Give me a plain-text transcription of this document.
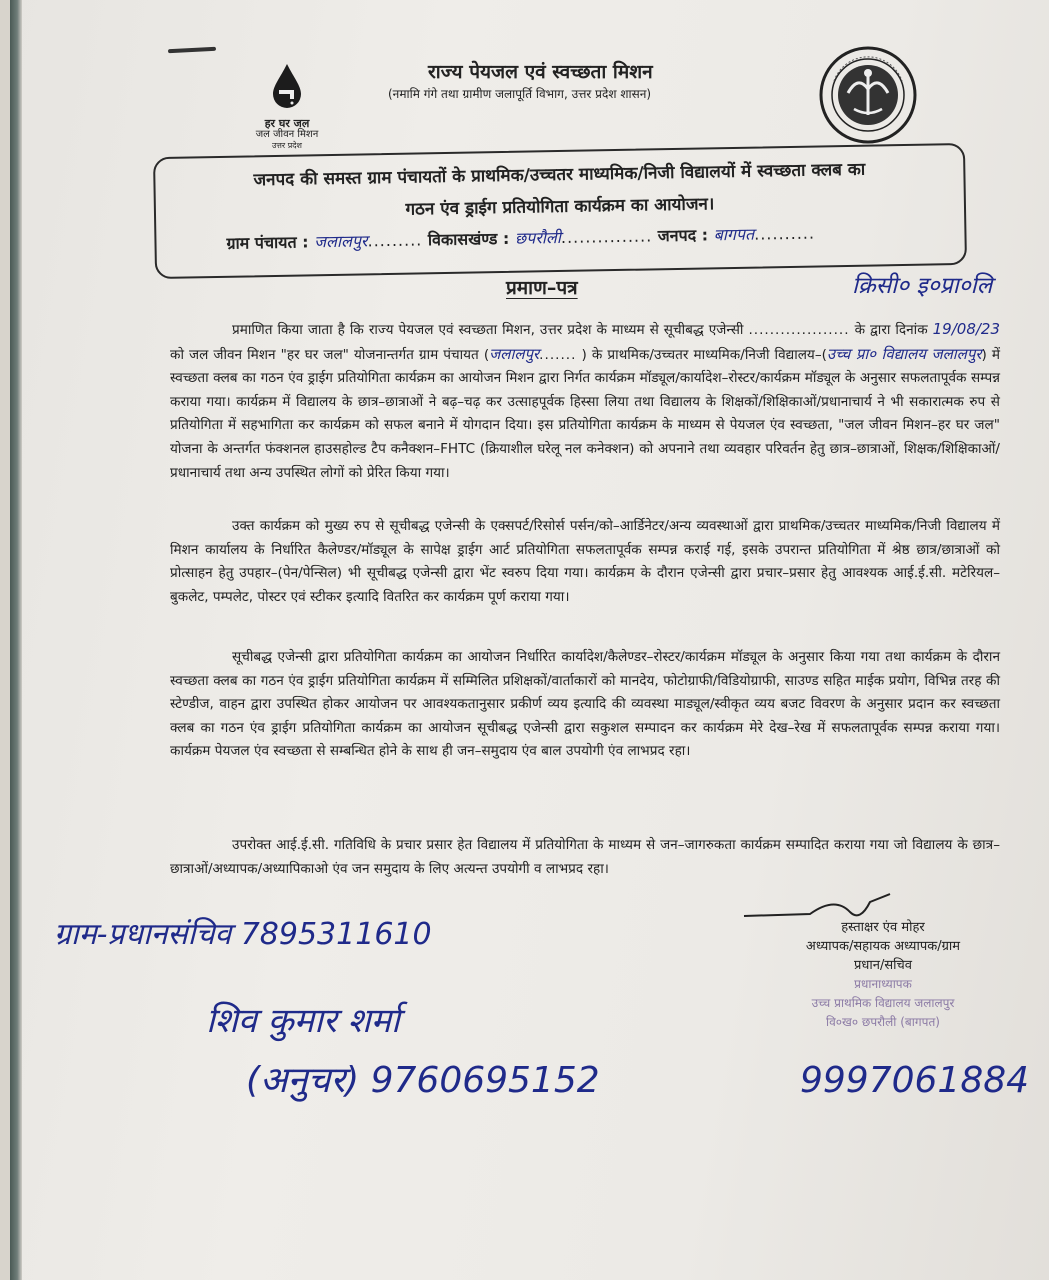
हर घर जल
जल जीवन मिशन
उत्तर प्रदेश
राज्य पेयजल एवं स्वच्छता मिशन
(नमामि गंगे तथा ग्रामीण जलापूर्ति विभाग, उत्तर प्रदेश शासन)
जनपद की समस्त ग्राम पंचायतों के प्राथमिक/उच्चतर माध्यमिक/निजी विद्यालयों में स्वच्छता क्लब का
गठन एंव ड्राईग प्रतियोगिता कार्यक्रम का आयोजन।
ग्राम पंचायत : जलालपुर......... विकासखंण्ड : छपरौली............... जनपद : बागपत..........
प्रमाण–पत्र	क्रिसी० इ०प्रा०लि
प्रमाणित किया जाता है कि राज्य पेयजल एवं स्वच्छता मिशन, उत्तर प्रदेश के माध्यम से सूचीबद्ध एजेन्सी ................... के द्वारा दिनांक 19/08/23 को जल जीवन मिशन "हर घर जल" योजनान्तर्गत ग्राम पंचायत (जलालपुर....... ) के प्राथमिक/उच्चतर माध्यमिक/निजी विद्यालय–(उच्च प्रा० विद्यालय जलालपुर) में स्वच्छता क्लब का गठन एंव ड्राईग प्रतियोगिता कार्यक्रम का आयोजन मिशन द्वारा निर्गत कार्यक्रम मॉड्यूल/कार्यादेश–रोस्टर/कार्यक्रम मॉड्यूल के अनुसार सफलतापूर्वक सम्पन्न कराया गया। कार्यक्रम में विद्यालय के छात्र–छात्राओं ने बढ़–चढ़ कर उत्साहपूर्वक हिस्सा लिया तथा विद्यालय के शिक्षकों/शिक्षिकाओं/प्रधानाचार्य ने भी सकारात्मक रुप से प्रतियोगिता में सहभागिता कर कार्यक्रम को सफल बनाने में योगदान दिया। इस प्रतियोगिता कार्यक्रम के माध्यम से पेयजल एंव स्वच्छता, "जल जीवन मिशन–हर घर जल" योजना के अन्तर्गत फंक्शनल हाउसहोल्ड टैप कनैक्शन–FHTC (क्रियाशील घरेलू नल कनेक्शन) को अपनाने तथा व्यवहार परिवर्तन हेतु छात्र–छात्राओं, शिक्षक/शिक्षिकाओं/प्रधानाचार्य तथा अन्य उपस्थित लोगों को प्रेरित किया गया।
उक्त कार्यक्रम को मुख्य रुप से सूचीबद्ध एजेन्सी के एक्सपर्ट/रिसोर्स पर्सन/को–आर्डिनेटर/अन्य व्यवस्थाओं द्वारा प्राथमिक/उच्चतर माध्यमिक/निजी विद्यालय में मिशन कार्यालय के निर्धारित कैलेण्डर/मॉड्यूल के सापेक्ष ड्राईग आर्ट प्रतियोगिता सफलतापूर्वक सम्पन्न कराई गई, इसके उपरान्त प्रतियोगिता में श्रेष्ठ छात्र/छात्राओं को प्रोत्साहन हेतु उपहार–(पेन/पेन्सिल) भी सूचीबद्ध एजेन्सी द्वारा भेंट स्वरुप दिया गया। कार्यक्रम के दौरान एजेन्सी द्वारा प्रचार–प्रसार हेतु आवश्यक आई.ई.सी. मटेरियल–बुकलेट, पम्पलेट, पोस्टर एवं स्टीकर इत्यादि वितरित कर कार्यक्रम पूर्ण कराया गया।
सूचीबद्ध एजेन्सी द्वारा प्रतियोगिता कार्यक्रम का आयोजन निर्धारित कार्यादेश/कैलेण्डर–रोस्टर/कार्यक्रम मॉड्यूल के अनुसार किया गया तथा कार्यक्रम के दौरान स्वच्छता क्लब का गठन एंव ड्राईग प्रतियोगिता कार्यक्रम में सम्मिलित प्रशिक्षकों/वार्ताकारों को मानदेय, फोटोग्राफी/विडियोग्राफी, साउण्ड सहित माईक प्रयोग, विभिन्न तरह की स्टेण्डीज, वाहन द्वारा उपस्थित होकर आयोजन पर आवश्यकतानुसार प्रकीर्ण व्यय इत्यादि की व्यवस्था माड्यूल/स्वीकृत व्यय बजट विवरण के अनुसार प्रदान कर स्वच्छता क्लब का गठन एंव ड्राईग प्रतियोगिता कार्यक्रम का आयोजन सूचीबद्ध एजेन्सी द्वारा सकुशल सम्पादन कर कार्यक्रम मेरे देख–रेख में सफलतापूर्वक सम्पन्न कराया गया। कार्यक्रम पेयजल एंव स्वच्छता से सम्बन्धित होने के साथ ही जन–समुदाय एंव बाल उपयोगी एंव लाभप्रद रहा।
उपरोक्त आई.ई.सी. गतिविधि के प्रचार प्रसार हेत विद्यालय में प्रतियोगिता के माध्यम से जन–जागरुकता कार्यक्रम सम्पादित कराया गया जो विद्यालय के छात्र–छात्राओं/अध्यापक/अध्यापिकाओ एंव जन समुदाय के लिए अत्यन्त उपयोगी व लाभप्रद रहा।
हस्ताक्षर एंव मोहर
अध्यापक/सहायक अध्यापक/ग्राम
प्रधान/सचिव
प्रधानाध्यापक
उच्च प्राथमिक विद्यालय जलालपुर
वि०ख० छपरौली (बागपत)
ग्राम-प्रधानसंचिव 7895311610
शिव कुमार शर्मा
(अनुचर) 9760695152	9997061884
